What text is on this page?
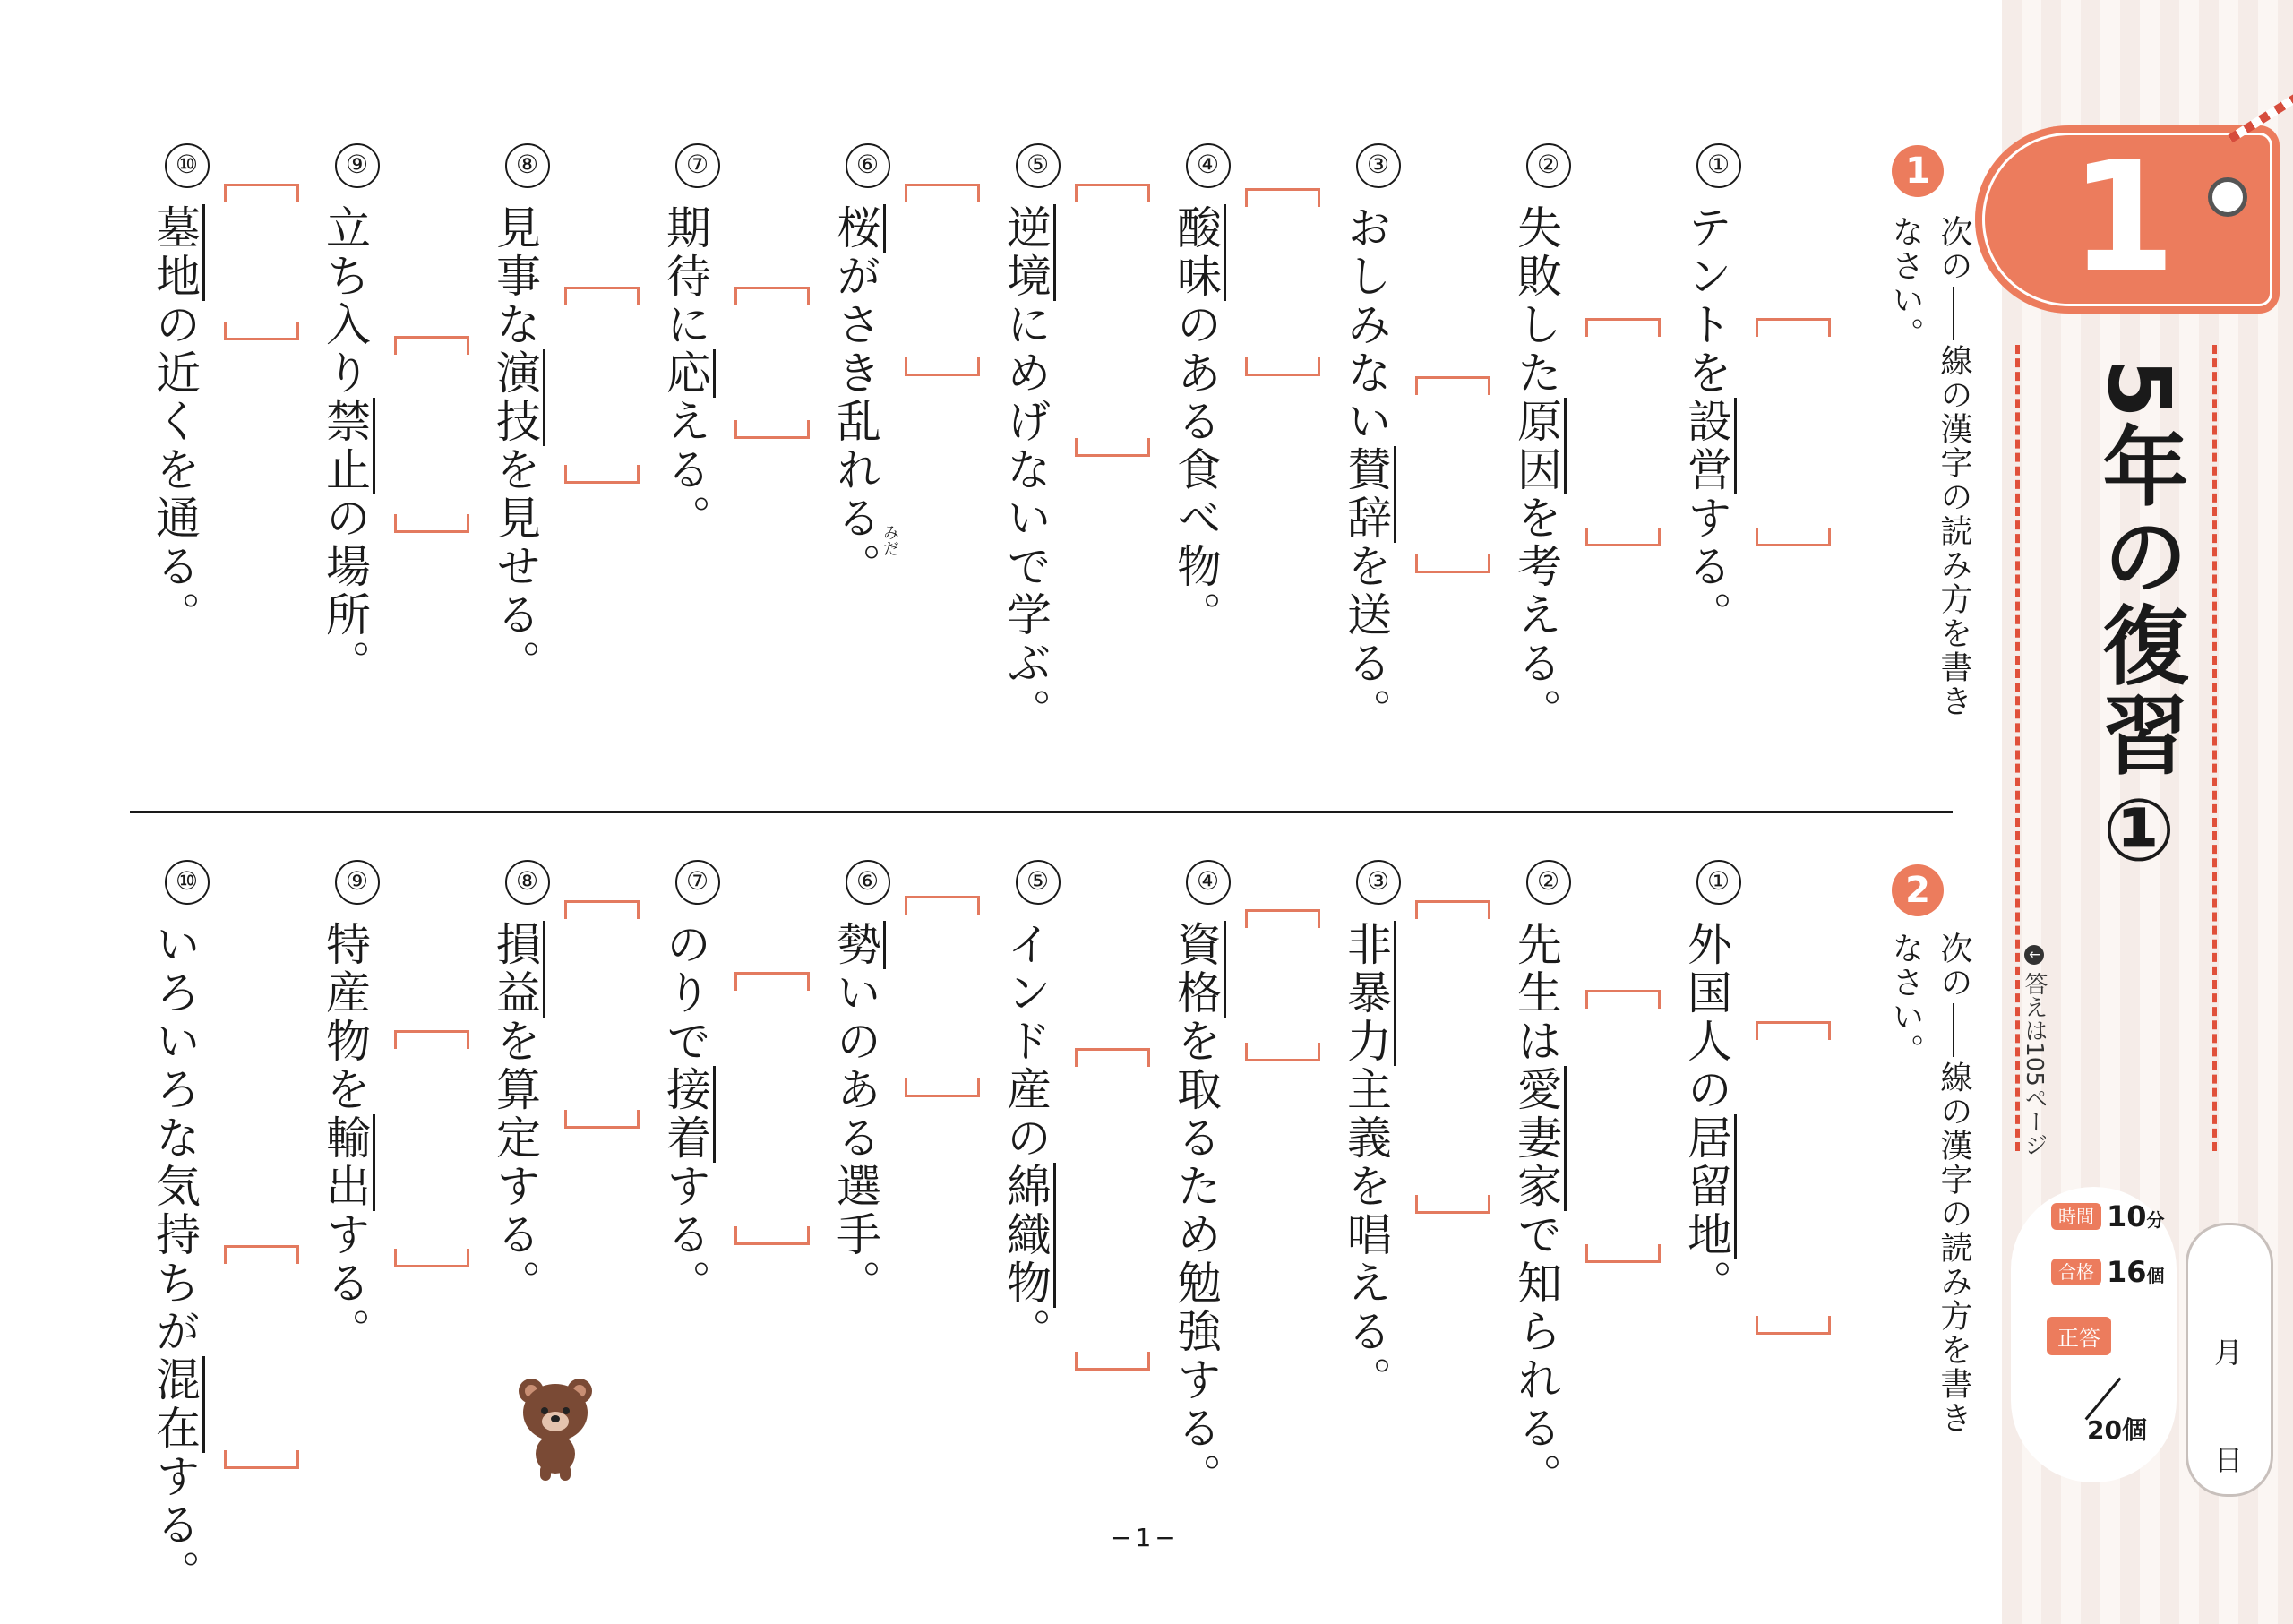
1
5年の復習①
↓ 答えは105ページ
時間 10分
合格 16個
正答
20個
月
日
1
次の線の漢字の読み方を書き
なさい。
2
次の線の漢字の読み方を書き
なさい。
①テントを設営する。
②失敗した原因を考える。
③おしみない賛辞を送る。
④酸味のある食べ物。
⑤逆境にめげないで学ぶ。
⑥桜がさき乱れる。 みだ
⑦期待に応える。
⑧見事な演技を見せる。
⑨立ち入り禁止の場所。
⑩墓地の近くを通る。
①外国人の居留地。
②先生は愛妻家で知られる。
③非暴力主義を唱える。
④資格を取るため勉強する。
⑤インド産の綿織物。
⑥勢いのある選手。
⑦のりで接着する。
⑧損益を算定する。
⑨特産物を輸出する。
⑩いろいろな気持ちが混在する。	−1−
